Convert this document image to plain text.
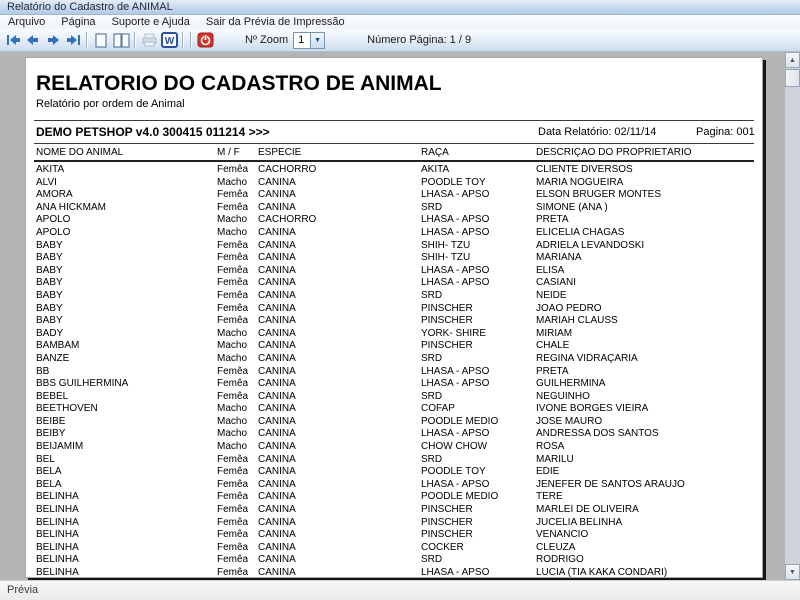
Relatório do Cadastro de ANIMAL
Arquivo	Página	Suporte e Ajuda	Sair da Prévia de Impressão
W	Nº Zoom 1	▼	Número Página: 1 / 9
RELATORIO DO CADASTRO DE ANIMAL
Relatório por ordem de Animal
DEMO PETSHOP v4.0 300415 011214 >>>	Data Relatório: 02/11/14	Pagina: 001
NOME DO ANIMAL	M / F	ESPECIE	RAÇA	DESCRIÇÃO DO PROPRIETÁRIO
AKITA	Femêa CACHORRO	AKITA	CLIENTE DIVERSOS
ALVI	Macho	CANINA	POODLE TOY	MARIA NOGUEIRA
AMORA	Femêa CANINA	LHASA - APSO	ELSON BRUGER MONTES
ANA HICKMAM	Femêa CANINA	SRD	SIMONE (ANA )
APOLO	Macho	CACHORRO	LHASA - APSO	PRETA
APOLO	Macho	CANINA	LHASA - APSO	ELICELIA CHAGAS
BABY	Femêa CANINA	SHIH- TZU	ADRIELA LEVANDOSKI
BABY	Femêa CANINA	SHIH- TZU	MARIANA
BABY	Femêa CANINA	LHASA - APSO	ELISA
BABY	Femêa CANINA	LHASA - APSO	CASIANI
BABY	Femêa CANINA	SRD	NEIDE
BABY	Femêa CANINA	PINSCHER	JOAO PEDRO
BABY	Femêa CANINA	PINSCHER	MARIAH CLAUSS
BADY	Macho	CANINA	YORK- SHIRE	MIRIAM
BAMBAM	Macho	CANINA	PINSCHER	CHALE
BANZÉ	Macho	CANINA	SRD	REGINA VIDRAÇARIA
BB	Femêa CANINA	LHASA - APSO	PRETA
BBS GUILHERMINA	Femêa CANINA	LHASA - APSO	GUILHERMINA
BEBÉL	Femêa CANINA	SRD	NEGUINHO
BEETHOVEN	Macho	CANINA	COFAP	IVONE BORGES VIEIRA
BEIBE	Macho	CANINA	POODLE MEDIO	JOSE MAURO
BEIBY	Macho	CANINA	LHASA - APSO	ANDRESSA DOS SANTOS
BEIJAMIM	Macho	CANINA	CHOW CHOW	ROSA
BEL	Femêa CANINA	SRD	MARILU
BELA	Femêa CANINA	POODLE TOY	EDIE
BELA	Femêa CANINA	LHASA - APSO	JENEFER DE SANTOS ARAUJO
BELINHA	Femêa CANINA	POODLE MEDIO	TERE
BELINHA	Femêa CANINA	PINSCHER	MARLEI DE OLIVEIRA
BELINHA	Femêa CANINA	PINSCHER	JUCELIA BELINHA
BELINHA	Femêa CANINA	PINSCHER	VENANCIO
BELINHA	Femêa CANINA	COCKER	CLEUZA
BELINHA	Femêa CANINA	SRD	RODRIGO
BELINHA	Femêa CANINA	LHASA - APSO	LUCIA (TIA KAKA CONDARI)
▲
▼
Prévia
